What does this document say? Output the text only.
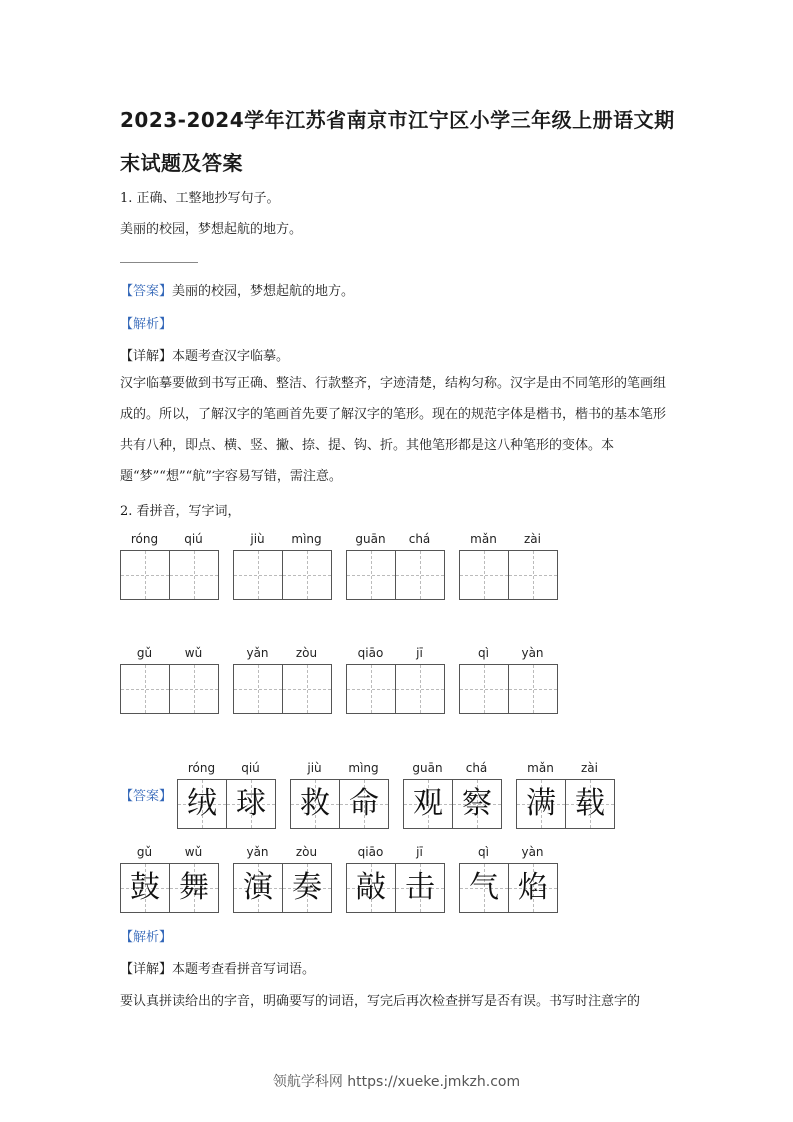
2023-2024学年江苏省南京市江宁区小学三年级上册语文期
末试题及答案
1. 正确、工整地抄写句子。
美丽的校园，梦想起航的地方。
【答案】美丽的校园，梦想起航的地方。
【解析】
【详解】本题考查汉字临摹。
汉字临摹要做到书写正确、整洁、行款整齐，字迹清楚，结构匀称。汉字是由不同笔形的笔画组成的。所以，了解汉字的笔画首先要了解汉字的笔形。现在的规范字体是楷书，楷书的基本笔形共有八种，即点、横、竖、撇、捺、提、钩、折。其他笔形都是这八种笔形的变体。本题“梦”“想”“航”字容易写错，需注意。
2. 看拼音，写字词，
róng	qiú	jiù	mìng	guān	chá	mǎn	zài
gǔ	wǔ	yǎn	zòu	qiāo	jī	qì	yàn
【答案】
róng	qiú
绒 球
jiù	mìng
救 命
guān	chá
观 察
mǎn	zài
满 载
gǔ	wǔ
鼓 舞
yǎn	zòu
演 奏
qiāo	jī
敲 击
qì	yàn
气 焰
【解析】
【详解】本题考查看拼音写词语。
要认真拼读给出的字音，明确要写的词语，写完后再次检查拼写是否有误。书写时注意字的
领航学科网 https://xueke.jmkzh.com
